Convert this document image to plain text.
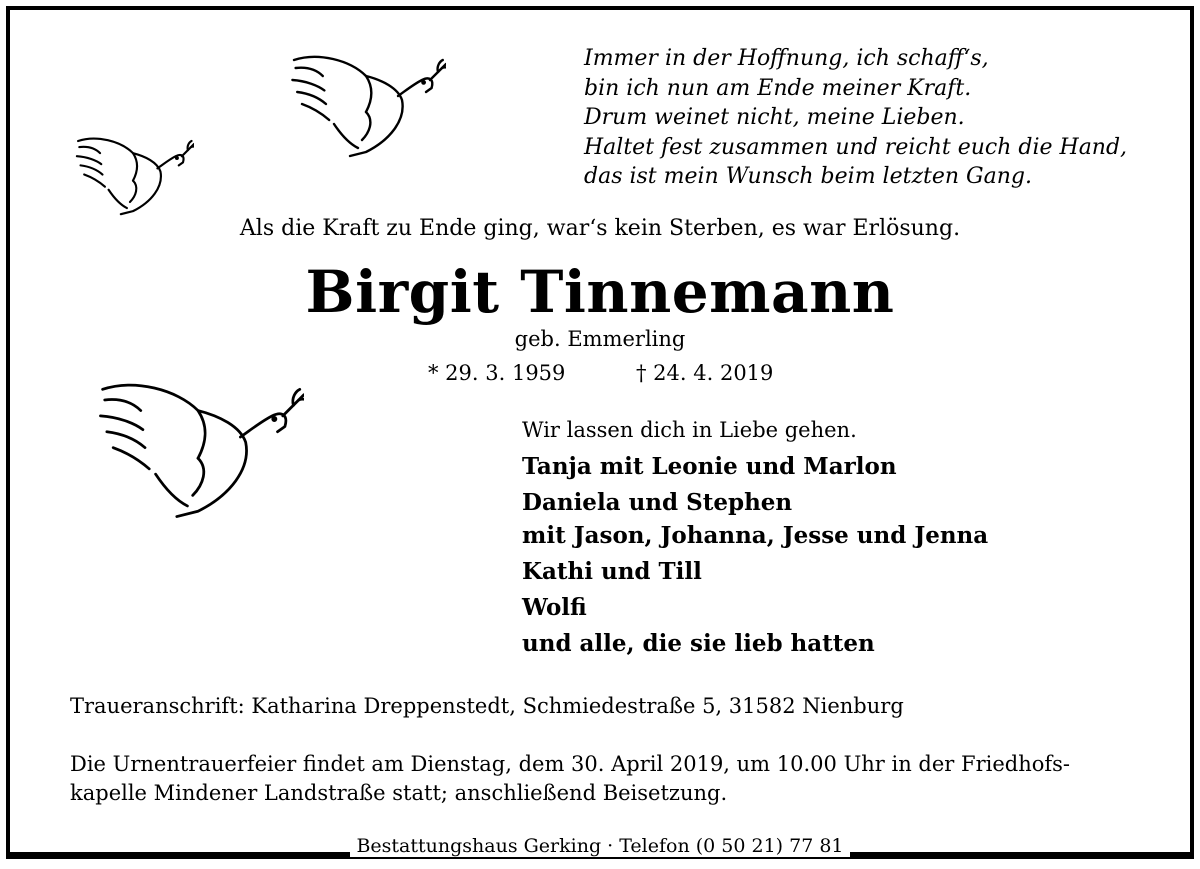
Immer in der Hoffnung, ich schaff‘s,
bin ich nun am Ende meiner Kraft.
Drum weinet nicht, meine Lieben.
Haltet fest zusammen und reicht euch die Hand,
das ist mein Wunsch beim letzten Gang.
Als die Kraft zu Ende ging, war‘s kein Sterben, es war Erlösung.
Birgit Tinnemann
geb. Emmerling
* 29. 3. 1959	† 24. 4. 2019
Wir lassen dich in Liebe gehen.
Tanja mit Leonie und Marlon
Daniela und Stephen
mit Jason, Johanna, Jesse und Jenna
Kathi und Till
Wolfi
und alle, die sie lieb hatten
Traueranschrift: Katharina Dreppenstedt, Schmiedestraße 5, 31582 Nienburg
Die Urnentrauerfeier findet am Dienstag, dem 30. April 2019, um 10.00 Uhr in der Friedhofs-
kapelle Mindener Landstraße statt; anschließend Beisetzung.
Bestattungshaus Gerking · Telefon (0 50 21) 77 81
